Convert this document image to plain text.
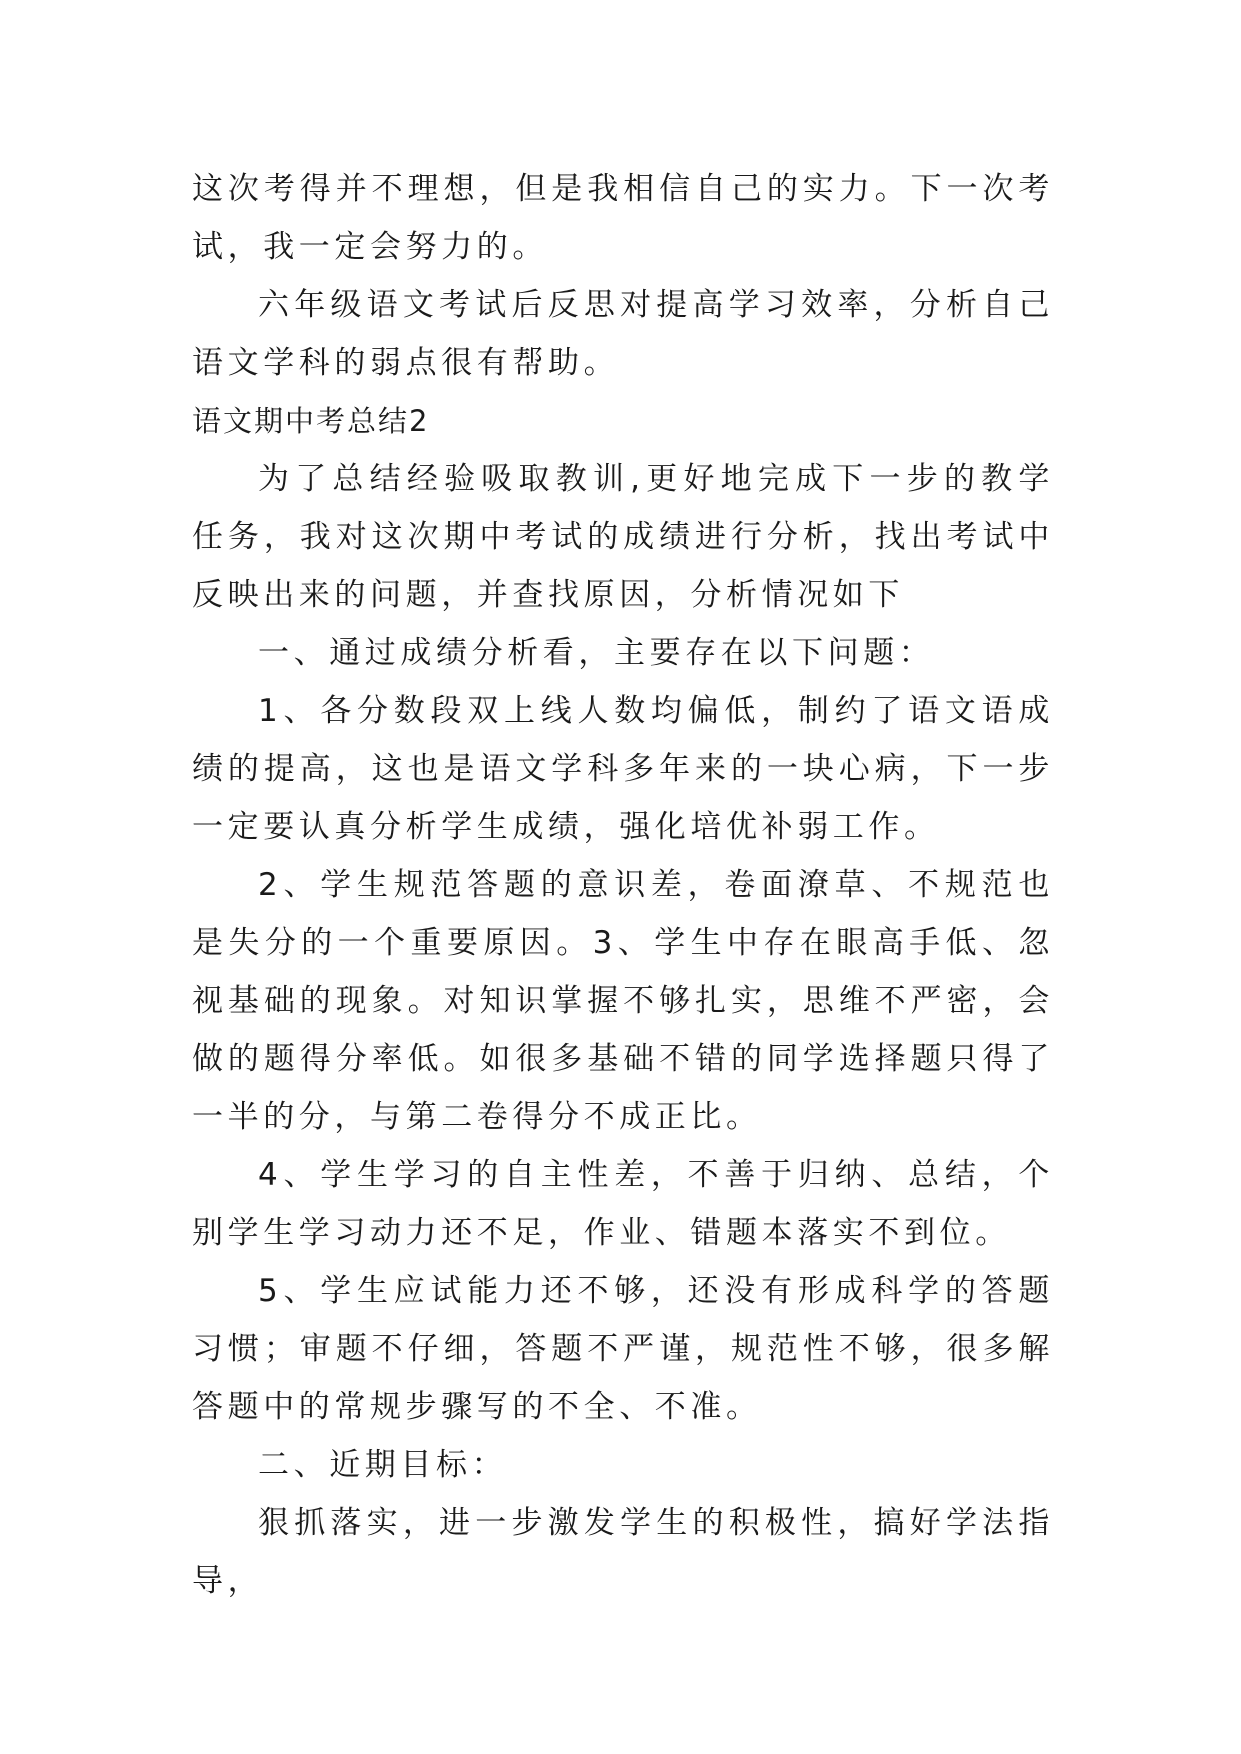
这次考得并不理想，但是我相信自己的实力。下一次考试，我一定会努力的。

六年级语文考试后反思对提高学习效率，分析自己语文学科的弱点很有帮助。

语文期中考总结2

为了总结经验吸取教训,更好地完成下一步的教学任务，我对这次期中考试的成绩进行分析，找出考试中反映出来的问题，并查找原因，分析情况如下

一、通过成绩分析看，主要存在以下问题：

1、各分数段双上线人数均偏低，制约了语文语成绩的提高，这也是语文学科多年来的一块心病，下一步一定要认真分析学生成绩，强化培优补弱工作。

2、学生规范答题的意识差，卷面潦草、不规范也是失分的一个重要原因。3、学生中存在眼高手低、忽视基础的现象。对知识掌握不够扎实，思维不严密，会做的题得分率低。如很多基础不错的同学选择题只得了一半的分，与第二卷得分不成正比。

4、学生学习的自主性差，不善于归纳、总结，个别学生学习动力还不足，作业、错题本落实不到位。

5、学生应试能力还不够，还没有形成科学的答题习惯；审题不仔细，答题不严谨，规范性不够，很多解答题中的常规步骤写的不全、不准。

二、近期目标：

狠抓落实，进一步激发学生的积极性，搞好学法指导，
